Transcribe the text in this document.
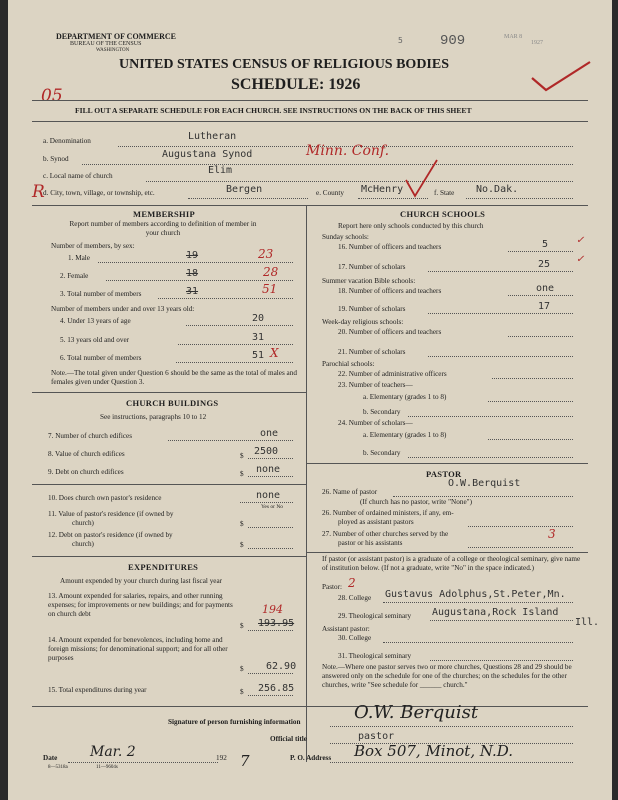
DEPARTMENT OF COMMERCE
BUREAU OF THE CENSUS
WASHINGTON
5	909	MAR 8
1927
UNITED STATES CENSUS OF RELIGIOUS BODIES
SCHEDULE: 1926
05
FILL OUT A SEPARATE SCHEDULE FOR EACH CHURCH. SEE INSTRUCTIONS ON THE BACK OF THIS SHEET
a. Denomination	Lutheran
b. Synod	Augustana Synod	Minn. Conf.
c. Local name of church	Elim
R
d. City, town, village, or township, etc.	Bergen	e. County McHenry	f. State No.Dak.
MEMBERSHIP
Report number of members according to definition of member in your church
Number of members, by sex:
1. Male	19	23
2. Female	18	28
3. Total number of members	31	51
Number of members under and over 13 years old:
4. Under 13 years of age	20
5. 13 years old and over	31
6. Total number of members	51 X
Note.—The total given under Question 6 should be the same as the total of males and females given under Question 3.
CHURCH BUILDINGS
See instructions, paragraphs 10 to 12
7. Number of church edifices	one
8. Value of church edifices	$ 2500
9. Debt on church edifices	$ none
10. Does church own pastor's residence	none
Yes or No
11. Value of pastor's residence (if owned by
church)	$
12. Debt on pastor's residence (if owned by
church)	$
EXPENDITURES
Amount expended by your church during last fiscal year
13. Amount expended for salaries, repairs, and other running expenses; for improvements or new buildings; and for payments on church debt
$ 193.95
194
14. Amount expended for benevolences, including home and foreign missions; for denominational support; and for all other purposes
$ 62.90
15. Total expenditures during year	$ 256.85
CHURCH SCHOOLS
Report here only schools conducted by this church
Sunday schools:
16. Number of officers and teachers	5	✓
17. Number of scholars	25	✓
Summer vacation Bible schools:
18. Number of officers and teachers	one
19. Number of scholars	17
Week-day religious schools:
20. Number of officers and teachers
21. Number of scholars
Parochial schools:
22. Number of administrative officers
23. Number of teachers—
a. Elementary (grades 1 to 8)
b. Secondary
24. Number of scholars—
a. Elementary (grades 1 to 8)
b. Secondary
PASTOR
26. Name of pastor
O.W.Berquist
(If church has no pastor, write "None")
26. Number of ordained ministers, if any, em-
ployed as assistant pastors
27. Number of other churches served by the
pastor or his assistants
3
If pastor (or assistant pastor) is a graduate of a college or theological seminary, give name of institution below. (If not a graduate, write "No" in the space indicated.)
Pastor: 2
28. College Gustavus Adolphus,St.Peter,Mn.
29. Theological seminary Augustana,Rock Island
Ill.
Assistant pastor:
30. College
31. Theological seminary
Note.—Where one pastor serves two or more churches, Questions 28 and 29 should be answered only on the schedule for one of the churches; on the schedules for the other churches, write "See schedule for ______ church."
Signature of person furnishing information	O.W. Berquist
Official title	pastor
Date Mar. 2	192 7
8—5318a	11—9604s
P. O. Address Box 507, Minot, N.D.
